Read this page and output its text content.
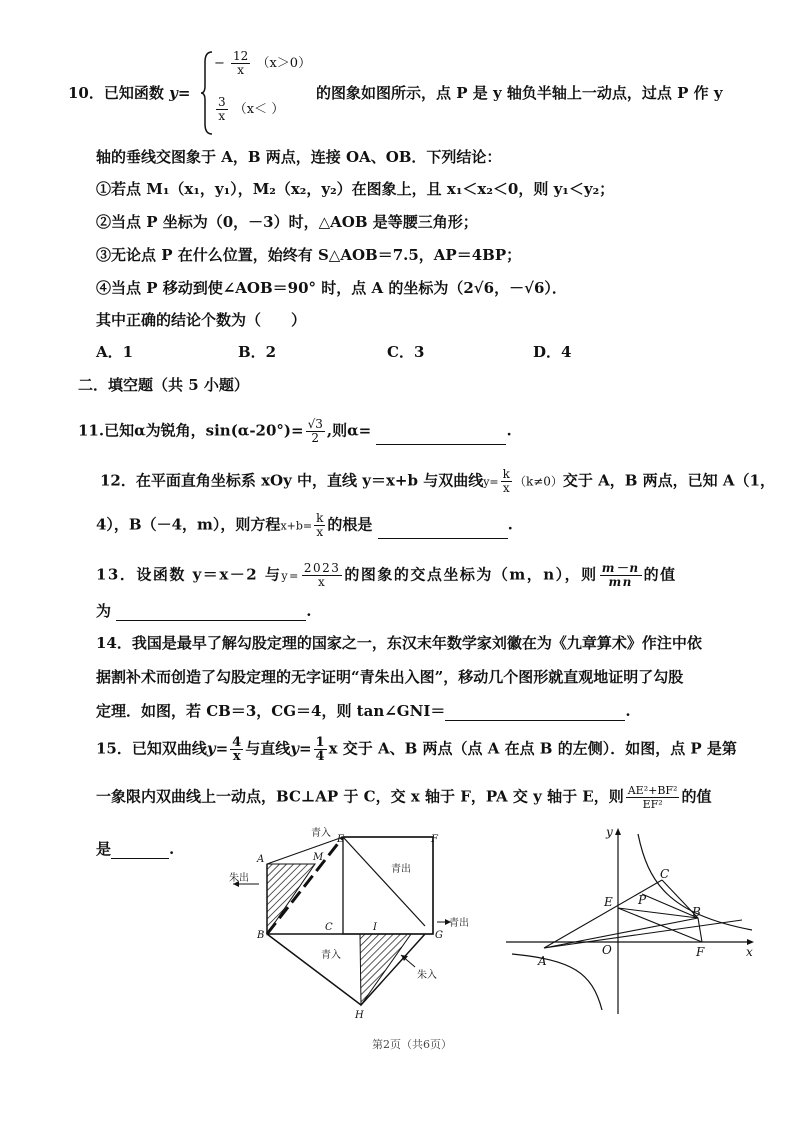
10．已知函数 y=
− $\frac{12}{x} (x>0)$
$\frac{3}{x} (x<$ ）
的图象如图所示，点 P 是 y 轴负半轴上一动点，过点 P 作 y
轴的垂线交图象于 A，B 两点，连接 OA、OB．下列结论：
①若点 M₁（x₁，y₁），M₂（x₂，y₂）在图象上，且 x₁＜x₂＜0，则 y₁＜y₂；
②当点 P 坐标为（0，－3）时，△AOB 是等腰三角形；
③无论点 P 在什么位置，始终有 S△AOB＝7.5，AP＝4BP；
④当点 P 移动到使∠AOB＝90° 时，点 A 的坐标为（2√6，－√6）．
其中正确的结论个数为（　　）
A．1	B．2	C．3	D．4
二．填空题（共 5 小题）
11.已知α为锐角，$\sin(\alpha-20^\circ)= \frac{√3}{2}$ ,则α=	.
12．在平面直角坐标系 xOy 中，直线 y＝x+b 与双曲线$y= \frac{k}{x} (k\ne 0)$交于 A，B 两点，已知 A（1，
4），B（－4，m），则方程$x+b= \frac{k}{x}$ 的根是	.
13．设函数 y＝x－2 与$y= \frac{2023}{x}$ 的图象的交点坐标为（m，n），则 $\frac{m-n}{mn}$ 的值
为	.
14．我国是最早了解勾股定理的国家之一，东汉末年数学家刘徽在为《九章算术》作注中依
据割补术而创造了勾股定理的无字证明“青朱出入图”，移动几个图形就直观地证明了勾股
定理．如图，若 CB＝3，CG＝4，则 tan∠GNI＝	.
15．已知双曲线$y= \frac{4}{x}$ 与直线$y= \frac{1}{4}$ x 交于 A、B 两点（点 A 在点 B 的左侧）．如图，点 P 是第
一象限内双曲线上一动点，BC⊥AP 于 C，交 x 轴于 F，PA 交 y 轴于 E，则 $\frac{\text{AE²+BF²}}{\text{EF²}}$ 的值
是	.
青入
E	F
A	M
朱出
青出
C	I	青出
B	G
青入
朱入
H
y
C
E P
B
A
O	F	x
第2页（共6页）
